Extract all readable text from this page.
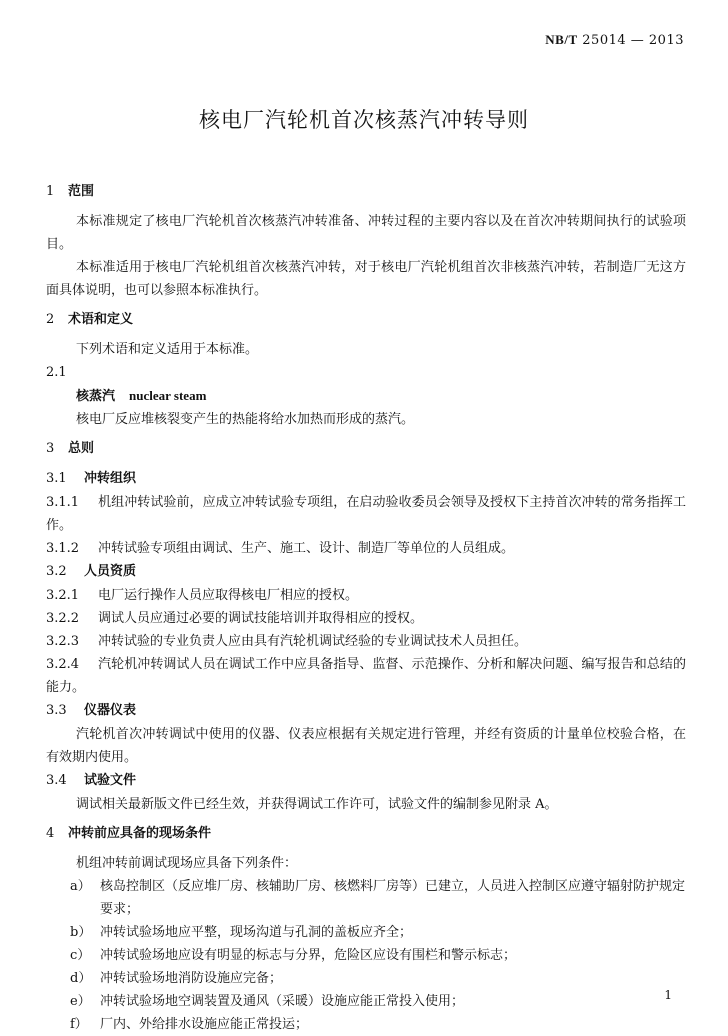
NB/T 25014 — 2013
核电厂汽轮机首次核蒸汽冲转导则
1 范围
本标准规定了核电厂汽轮机首次核蒸汽冲转准备、冲转过程的主要内容以及在首次冲转期间执行的试验项目。
本标准适用于核电厂汽轮机组首次核蒸汽冲转，对于核电厂汽轮机组首次非核蒸汽冲转，若制造厂无这方面具体说明，也可以参照本标准执行。
2 术语和定义
下列术语和定义适用于本标准。
2.1
核蒸汽 nuclear steam
核电厂反应堆核裂变产生的热能将给水加热而形成的蒸汽。
3 总则
3.1 冲转组织
3.1.1 机组冲转试验前，应成立冲转试验专项组，在启动验收委员会领导及授权下主持首次冲转的常务指挥工作。
3.1.2 冲转试验专项组由调试、生产、施工、设计、制造厂等单位的人员组成。
3.2 人员资质
3.2.1 电厂运行操作人员应取得核电厂相应的授权。
3.2.2 调试人员应通过必要的调试技能培训并取得相应的授权。
3.2.3 冲转试验的专业负责人应由具有汽轮机调试经验的专业调试技术人员担任。
3.2.4 汽轮机冲转调试人员在调试工作中应具备指导、监督、示范操作、分析和解决问题、编写报告和总结的能力。
3.3 仪器仪表
汽轮机首次冲转调试中使用的仪器、仪表应根据有关规定进行管理，并经有资质的计量单位校验合格，在有效期内使用。
3.4 试验文件
调试相关最新版文件已经生效，并获得调试工作许可，试验文件的编制参见附录 A。
4 冲转前应具备的现场条件
机组冲转前调试现场应具备下列条件：
a） 核岛控制区（反应堆厂房、核辅助厂房、核燃料厂房等）已建立，人员进入控制区应遵守辐射防护规定要求；
b） 冲转试验场地应平整，现场沟道与孔洞的盖板应齐全；
c） 冲转试验场地应设有明显的标志与分界，危险区应设有围栏和警示标志；
d） 冲转试验场地消防设施应完备；
e） 冲转试验场地空调装置及通风（采暖）设施应能正常投入使用；
f） 厂内、外给排水设施应能正常投运；
1
